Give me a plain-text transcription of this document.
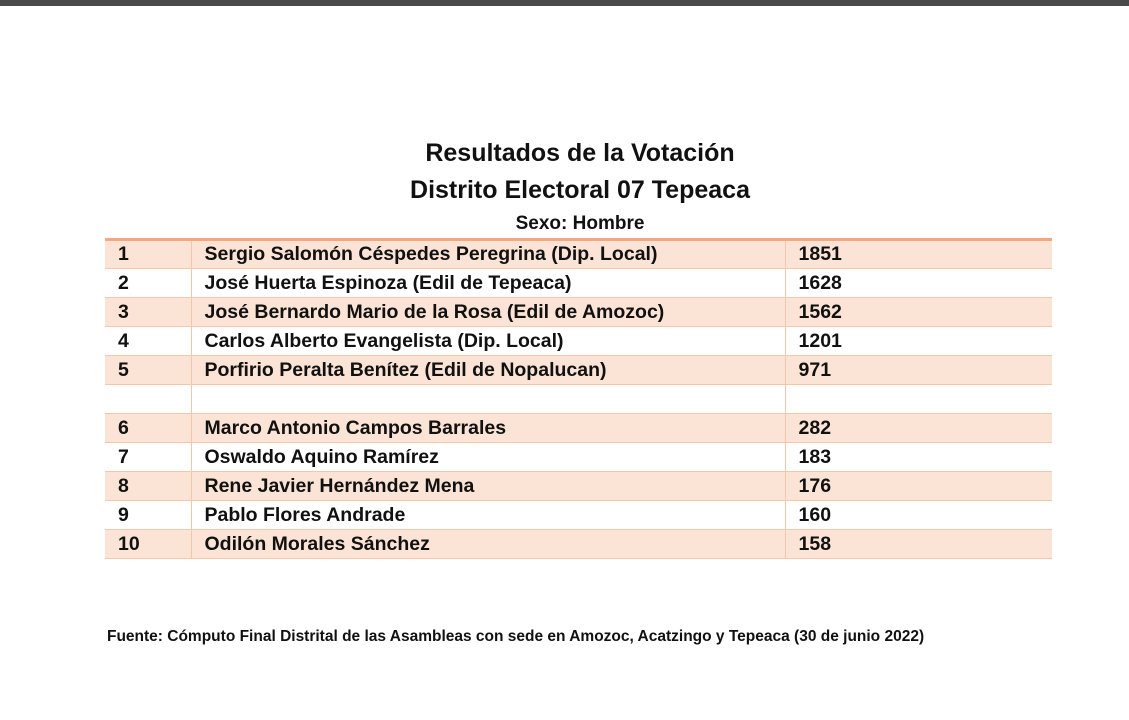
Resultados de la Votación
Distrito Electoral 07 Tepeaca
Sexo: Hombre
1	Sergio Salomón Céspedes Peregrina (Dip. Local)	1851
2	José Huerta Espinoza (Edil de Tepeaca)	1628
3	José Bernardo Mario de la Rosa (Edil de Amozoc)	1562
4	Carlos Alberto Evangelista (Dip. Local)	1201
5	Porfirio Peralta Benítez (Edil de Nopalucan)	971

6	Marco Antonio Campos Barrales	282
7	Oswaldo Aquino Ramírez	183
8	Rene Javier Hernández Mena	176
9	Pablo Flores Andrade	160
10	Odilón Morales Sánchez	158
Fuente: Cómputo Final Distrital de las Asambleas con sede en Amozoc, Acatzingo y Tepeaca (30 de junio 2022)
